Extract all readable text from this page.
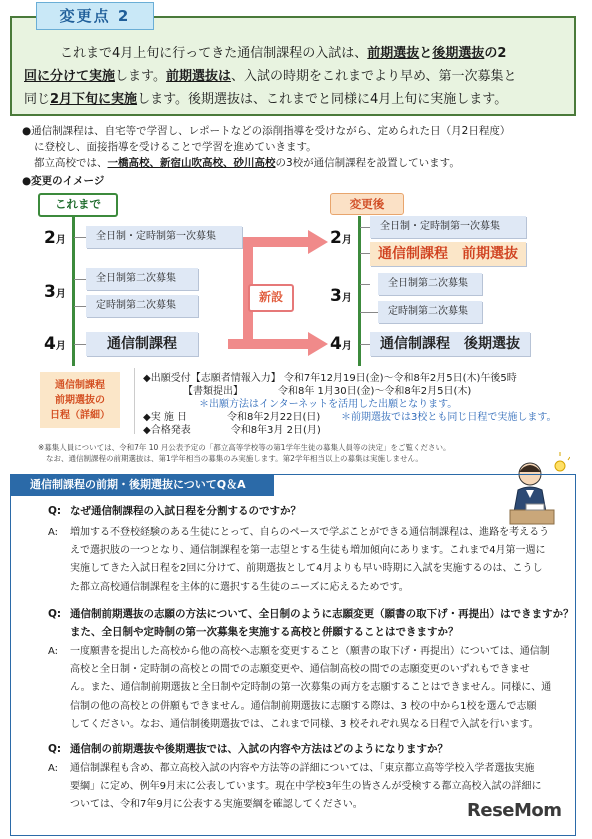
これまで4月上旬に行ってきた通信制課程の入試は、前期選抜と後期選抜の2
回に分けて実施します。前期選抜は、入試の時期をこれまでより早め、第一次募集と
同じ2月下旬に実施します。後期選抜は、これまでと同様に4月上旬に実施します。
変更点 2
●通信制課程は、自宅等で学習し、レポートなどの添削指導を受けながら、定められた日（月2日程度）
に登校し、面接指導を受けることで学習を進めていきます。
都立高校では、一橋高校、新宿山吹高校、砂川高校の3校が通信制課程を設置しています。
●変更のイメージ
これまで
2月
3月
4月
全日制・定時制第一次募集
全日制第二次募集
定時制第二次募集
通信制課程
新設
変更後
2月
3月
4月
全日制・定時制第一次募集
通信制課程　前期選抜
全日制第二次募集
定時制第二次募集
通信制課程　後期選抜
通信制課程
前期選抜の
日程（詳細）
◆出願受付【志願者情報入力】 令和7年12月19日(金)～令和8年2月5日(木)午後5時
【書類提出】　　　　令和8年 1月30日(金)～令和8年2月5日(木)
＊出願方法はインターネットを活用した出願となります。
◆実 施 日　　　　令和8年2月22日(日) ＊前期選抜では3校とも同じ日程で実施します。
◆合格発表　　　　令和8年3月 2日(月)
※募集人員については、令和7年 10 月公表予定の「都立高等学校等の第1学年生徒の募集人員等の決定」をご覧ください。
なお、通信制課程の前期選抜は、第1学年相当の募集のみ実施します。第2学年相当以上の募集は実施しません。
通信制課程の前期・後期選抜についてQ＆A
Q: なぜ通信制課程の入試日程を分割するのですか？
A: 増加する不登校経験のある生徒にとって、自らのペースで学ぶことができる通信制課程は、進路を考えるう
えで選択肢の一つとなり、通信制課程を第一志望とする生徒も増加傾向にあります。これまで4月第一週に
実施してきた入試日程を2回に分けて、前期選抜として4月よりも早い時期に入試を実施するのは、こうし
た都立高校通信制課程を主体的に選択する生徒のニーズに応えるためです。
Q: 通信制前期選抜の志願の方法について、全日制のように志願変更（願書の取下げ・再提出）はできますか？
また、全日制や定時制の第一次募集を実施する高校と併願することはできますか？
A: 一度願書を提出した高校から他の高校へ志願を変更すること（願書の取下げ・再提出）については、通信制
高校と全日制・定時制の高校との間での志願変更や、通信制高校の間での志願変更のいずれもできませ
ん。また、通信制前期選抜と全日制や定時制の第一次募集の両方を志願することはできません。同様に、通
信制の他の高校との併願もできません。通信制前期選抜に志願する際は、3 校の中から1校を選んで志願
してください。なお、通信制後期選抜では、これまで同様、3 校それぞれ異なる日程で入試を行います。
Q: 通信制の前期選抜や後期選抜では、入試の内容や方法はどのようになりますか？
A: 通信制課程も含め、都立高校入試の内容や方法等の詳細については、「東京都立高等学校入学者選抜実施
要綱」に定め、例年9月末に公表しています。現在中学校3年生の皆さんが受検する都立高校入試の詳細に
ついては、令和7年9月に公表する実施要綱を確認してください。	ReseMom
